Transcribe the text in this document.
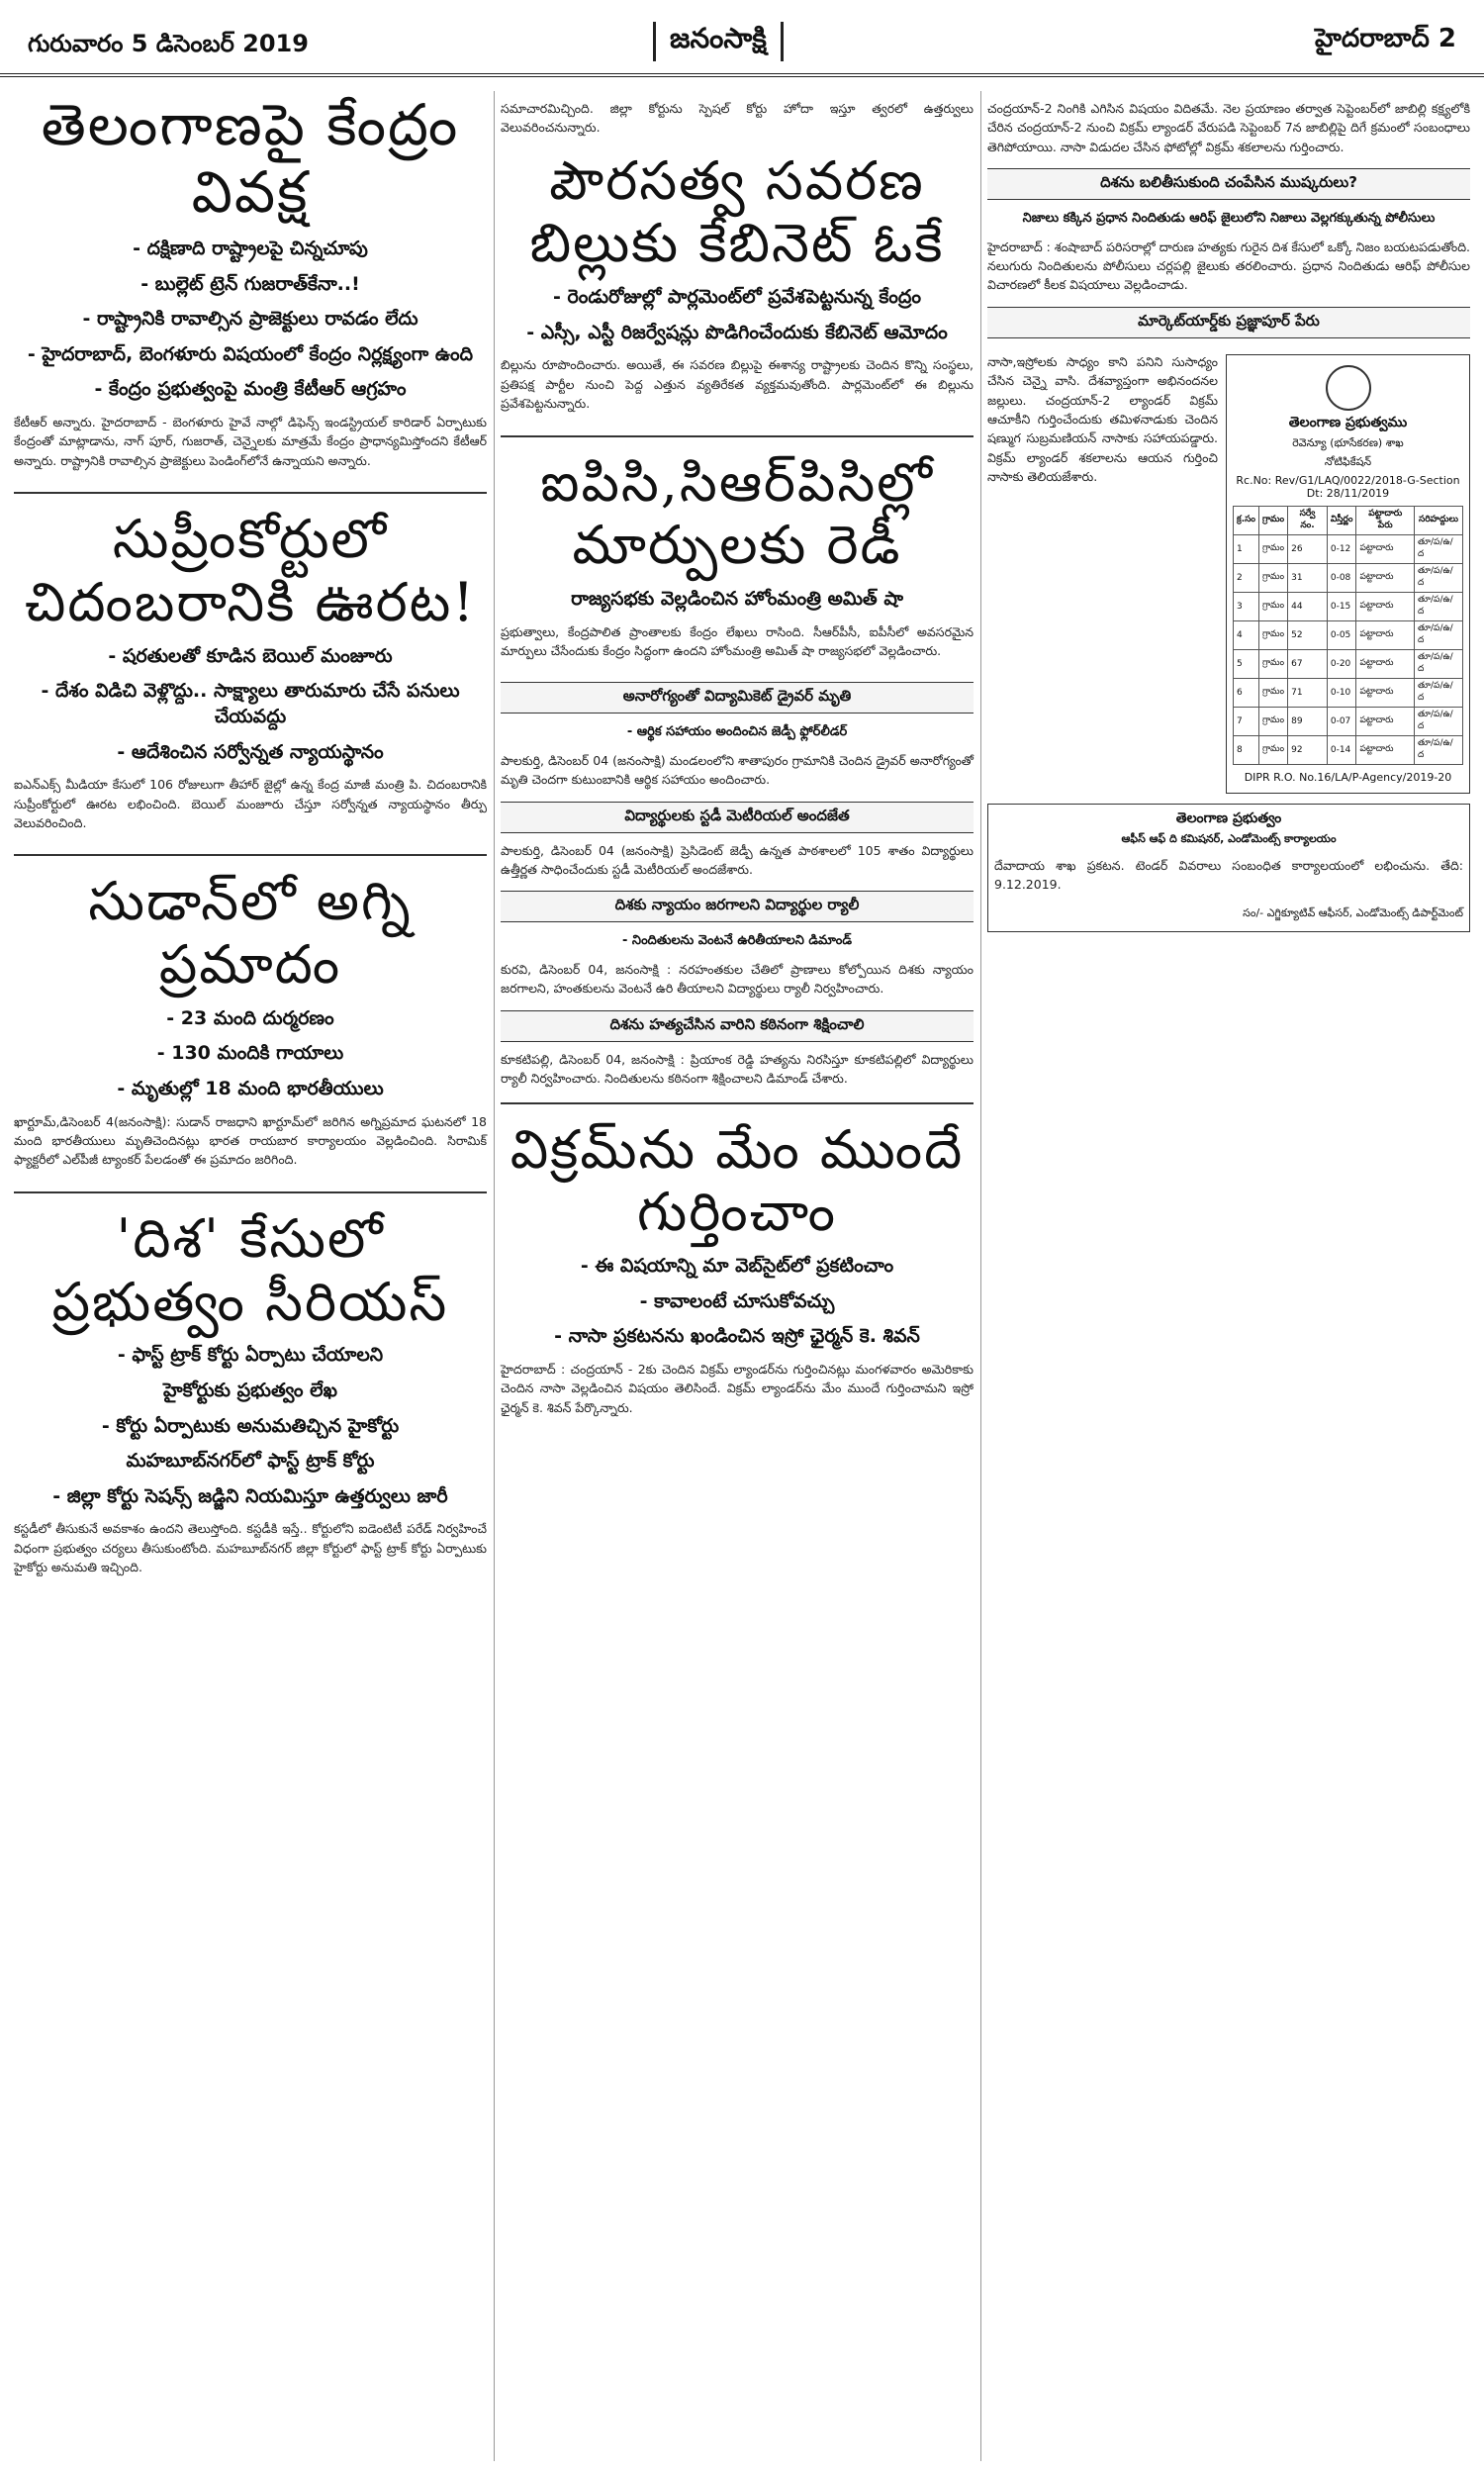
గురువారం 5 డిసెంబర్ 2019	జనంసాక్షి	హైదరాబాద్ 2
తెలంగాణపై కేంద్రం వివక్ష
- దక్షిణాది రాష్ట్రాలపై చిన్నచూపు
- బుల్లెట్‌ ట్రెన్‌ గుజరాత్‌కేనా..!
- రాష్ట్రానికి రావాల్సిన ప్రాజెక్టులు రావడం లేదు
- హైదరాబాద్‌, బెంగళూరు విషయంలో కేంద్రం నిర్లక్ష్యంగా ఉంది
- కేంద్రం ప్రభుత్వంపై మంత్రి కేటీఆర్‌ ఆగ్రహం

కేటీఆర్‌ అన్నారు. హైదరాబాద్‌ - బెంగళూరు హైవే నాల్గో డిఫెన్స్‌ ఇండస్ట్రియల్‌ కారిడార్‌ ఏర్పాటుకు కేంద్రంతో మాట్లాడాను, నాగ్‌ పూర్‌, గుజరాత్‌, చెన్నైలకు మాత్రమే కేంద్రం ప్రాధాన్యమిస్తోందని కేటీఆర్‌ అన్నారు. రాష్ట్రానికి రావాల్సిన ప్రాజెక్టులు పెండింగ్‌లోనే ఉన్నాయని అన్నారు.

సుప్రీంకోర్టులో చిదంబరానికి ఊరట!
- షరతులతో కూడిన బెయిల్‌ మంజూరు
- దేశం విడిచి వెళ్లొద్దు.. సాక్ష్యాలు తారుమారు చేసే పనులు చేయవద్దు
- ఆదేశించిన సర్వోన్నత న్యాయస్థానం

ఐఎన్‌ఎక్స్‌ మీడియా కేసులో 106 రోజులుగా తీహార్‌ జైల్లో ఉన్న కేంద్ర మాజీ మంత్రి పి. చిదంబరానికి సుప్రీంకోర్టులో ఊరట లభించింది. బెయిల్‌ మంజూరు చేస్తూ సర్వోన్నత న్యాయస్థానం తీర్పు వెలువరించింది.

సుడాన్‌లో అగ్ని ప్రమాదం
- 23 మంది దుర్మరణం
- 130 మందికి గాయాలు
- మృతుల్లో 18 మంది భారతీయులు

ఖార్టూమ్‌,డిసెంబర్‌ 4(జనంసాక్షి): సుడాన్‌ రాజధాని ఖార్టూమ్‌లో జరిగిన అగ్నిప్రమాద ఘటనలో 18 మంది భారతీయులు మృతిచెందినట్లు భారత రాయబార కార్యాలయం వెల్లడించింది. సిరామిక్‌ ఫ్యాక్టరీలో ఎల్‌పీజీ ట్యాంకర్‌ పేలడంతో ఈ ప్రమాదం జరిగింది.

'దిశ' కేసులో ప్రభుత్వం సీరియస్‌
- ఫాస్ట్‌ ట్రాక్‌ కోర్టు ఏర్పాటు చేయాలని
హైకోర్టుకు ప్రభుత్వం లేఖ
- కోర్టు ఏర్పాటుకు అనుమతిచ్చిన హైకోర్టు
మహబూబ్‌నగర్‌లో ఫాస్ట్‌ ట్రాక్‌ కోర్టు
- జిల్లా కోర్టు సెషన్స్‌ జడ్జిని నియమిస్తూ ఉత్తర్వులు జారీ

కస్టడీలో తీసుకునే అవకాశం ఉందని తెలుస్తోంది. కస్టడీకి ఇస్తే.. కోర్టులోని ఐడెంటిటీ పరేడ్‌ నిర్వహించే విధంగా ప్రభుత్వం చర్యలు తీసుకుంటోంది. మహబూబ్‌నగర్‌ జిల్లా కోర్టులో ఫాస్ట్‌ ట్రాక్‌ కోర్టు ఏర్పాటుకు హైకోర్టు అనుమతి ఇచ్చింది.

సమాచారమిచ్చింది. జిల్లా కోర్టును స్పెషల్‌ కోర్టు హోదా ఇస్తూ త్వరలో ఉత్తర్వులు వెలువరించనున్నారు.

పౌరసత్వ సవరణ బిల్లుకు కేబినెట్‌ ఓకే
- రెండురోజుల్లో పార్లమెంట్‌లో ప్రవేశపెట్టనున్న కేంద్రం
- ఎస్సీ, ఎస్టీ రిజర్వేషన్లు పొడిగించేందుకు కేబినెట్‌ ఆమోదం

బిల్లును రూపొందించారు. అయితే, ఈ సవరణ బిల్లుపై ఈశాన్య రాష్ట్రాలకు చెందిన కొన్ని సంస్థలు, ప్రతిపక్ష పార్టీల నుంచి పెద్ద ఎత్తున వ్యతిరేకత వ్యక్తమవుతోంది. పార్లమెంట్‌లో ఈ బిల్లును ప్రవేశపెట్టనున్నారు.

ఐపిసి,సిఆర్‌పిసిల్లో మార్పులకు రెడీ
రాజ్యసభకు వెల్లడించిన హోంమంత్రి అమిత్‌ షా

ప్రభుత్వాలు, కేంద్రపాలిత ప్రాంతాలకు కేంద్రం లేఖలు రాసింది. సీఆర్‌పీసీ, ఐపీసీలో అవసరమైన మార్పులు చేసేందుకు కేంద్రం సిద్ధంగా ఉందని హోంమంత్రి అమిత్‌ షా రాజ్యసభలో వెల్లడించారు.

అనారోగ్యంతో విద్యామికెట్‌ డ్రైవర్‌ మృతి
- ఆర్థిక సహాయం అందించిన జెడ్పీ ఫ్లోర్‌లీడర్‌

పాలకుర్తి, డిసెంబర్‌ 04 (జనంసాక్షి) మండలంలోని శాతాపురం గ్రామానికి చెందిన డ్రైవర్‌ అనారోగ్యంతో మృతి చెందగా కుటుంబానికి ఆర్థిక సహాయం అందించారు.

విద్యార్థులకు స్టడీ మెటీరియల్‌ అందజేత

పాలకుర్తి, డిసెంబర్‌ 04 (జనంసాక్షి) ప్రెసిడెంట్‌ జెడ్పీ ఉన్నత పాఠశాలలో 105 శాతం విద్యార్థులు ఉత్తీర్ణత సాధించేందుకు స్టడీ మెటీరియల్‌ అందజేశారు.

దిశకు న్యాయం జరగాలని విద్యార్థుల ర్యాలీ
- నిందితులను వెంటనే ఉరితీయాలని డిమాండ్‌

కురవి, డిసెంబర్‌ 04, జనంసాక్షి : నరహంతకుల చేతిలో ప్రాణాలు కోల్పోయిన దిశకు న్యాయం జరగాలని, హంతకులను వెంటనే ఉరి తీయాలని విద్యార్థులు ర్యాలీ నిర్వహించారు.

దిశను హత్యచేసిన వారిని కఠినంగా శిక్షించాలి

కూకటిపల్లి, డిసెంబర్‌ 04, జనంసాక్షి : ప్రియాంక రెడ్డి హత్యను నిరసిస్తూ కూకటిపల్లిలో విద్యార్థులు ర్యాలీ నిర్వహించారు. నిందితులను కఠినంగా శిక్షించాలని డిమాండ్‌ చేశారు.

విక్రమ్‌ను మేం ముందే గుర్తించాం
- ఈ విషయాన్ని మా వెబ్‌సైట్‌లో ప్రకటించాం
- కావాలంటే చూసుకోవచ్చు
- నాసా ప్రకటనను ఖండించిన ఇస్రో ఛైర్మన్‌ కె. శివన్‌

హైదరాబాద్‌ : చంద్రయాన్‌ - 2కు చెందిన విక్రమ్‌ ల్యాండర్‌ను గుర్తించినట్లు మంగళవారం అమెరికాకు చెందిన నాసా వెల్లడించిన విషయం తెలిసిందే. విక్రమ్‌ ల్యాండర్‌ను మేం ముందే గుర్తించామని ఇస్రో ఛైర్మన్‌ కె. శివన్‌ పేర్కొన్నారు.

చంద్రయాన్‌-2 నింగికి ఎగిసిన విషయం విదితమే. నెల ప్రయాణం తర్వాత సెప్టెంబర్‌లో జాబిల్లి కక్ష్యలోకి చేరిన చంద్రయాన్‌-2 నుంచి విక్రమ్‌ ల్యాండర్‌ వేరుపడి సెప్టెంబర్‌ 7న జాబిల్లిపై దిగే క్రమంలో సంబంధాలు తెగిపోయాయి. నాసా విడుదల చేసిన ఫోటోల్లో విక్రమ్‌ శకలాలను గుర్తించారు.

దిశను బలితీసుకుంది చంపేసిన ముష్కరులు?
నిజాలు కక్కిన ప్రధాన నిందితుడు ఆరిఫ్‌ జైలులోని నిజాలు వెల్లగక్కుతున్న పోలీసులు

హైదరాబాద్‌ : శంషాబాద్‌ పరిసరాల్లో దారుణ హత్యకు గురైన దిశ కేసులో ఒక్కో నిజం బయటపడుతోంది. నలుగురు నిందితులను పోలీసులు చర్లపల్లి జైలుకు తరలించారు. ప్రధాన నిందితుడు ఆరిఫ్‌ పోలీసుల విచారణలో కీలక విషయాలు వెల్లడించాడు.

మార్కెట్‌యార్డ్‌కు ప్రజ్ఞాపూర్‌ పేరు

నాసా,ఇస్రోలకు సాధ్యం కాని పనిని సుసాధ్యం చేసిన చెన్నై వాసి. దేశవ్యాప్తంగా అభినందనల జల్లులు. చంద్రయాన్‌-2 ల్యాండర్‌ విక్రమ్‌ ఆచూకీని గుర్తించేందుకు తమిళనాడుకు చెందిన షణ్ముగ సుబ్రమణియన్‌ నాసాకు సహాయపడ్డారు. విక్రమ్‌ ల్యాండర్‌ శకలాలను ఆయన గుర్తించి నాసాకు తెలియజేశారు.

తెలంగాణ ప్రభుత్వము
రెవెన్యూ (భూసేకరణ) శాఖ
నోటిఫికేషన్‌
Rc.No: Rev/G1/LAQ/0022/2018-G-Section Dt: 28/11/2019
క్ర.సం	గ్రామం	సర్వే నం.	విస్తీర్ణం	పట్టాదారు పేరు	సరిహద్దులు
1	గ్రామం	26	0-12	పట్టాదారు	తూ/ప/ఉ/ద
2	గ్రామం	31	0-08	పట్టాదారు	తూ/ప/ఉ/ద
3	గ్రామం	44	0-15	పట్టాదారు	తూ/ప/ఉ/ద
4	గ్రామం	52	0-05	పట్టాదారు	తూ/ప/ఉ/ద
5	గ్రామం	67	0-20	పట్టాదారు	తూ/ప/ఉ/ద
6	గ్రామం	71	0-10	పట్టాదారు	తూ/ప/ఉ/ద
7	గ్రామం	89	0-07	పట్టాదారు	తూ/ప/ఉ/ద
8	గ్రామం	92	0-14	పట్టాదారు	తూ/ప/ఉ/ద
DIPR R.O. No.16/LA/P-Agency/2019-20
తెలంగాణ ప్రభుత్వం
ఆఫీస్‌ ఆఫ్‌ ది కమిషనర్‌, ఎండోమెంట్స్‌ కార్యాలయం

దేవాదాయ శాఖ ప్రకటన. టెండర్‌ వివరాలు సంబంధిత కార్యాలయంలో లభించును. తేది: 9.12.2019.

సం/- ఎగ్జిక్యూటివ్‌ ఆఫీసర్‌, ఎండోమెంట్స్‌ డిపార్ట్‌మెంట్‌
